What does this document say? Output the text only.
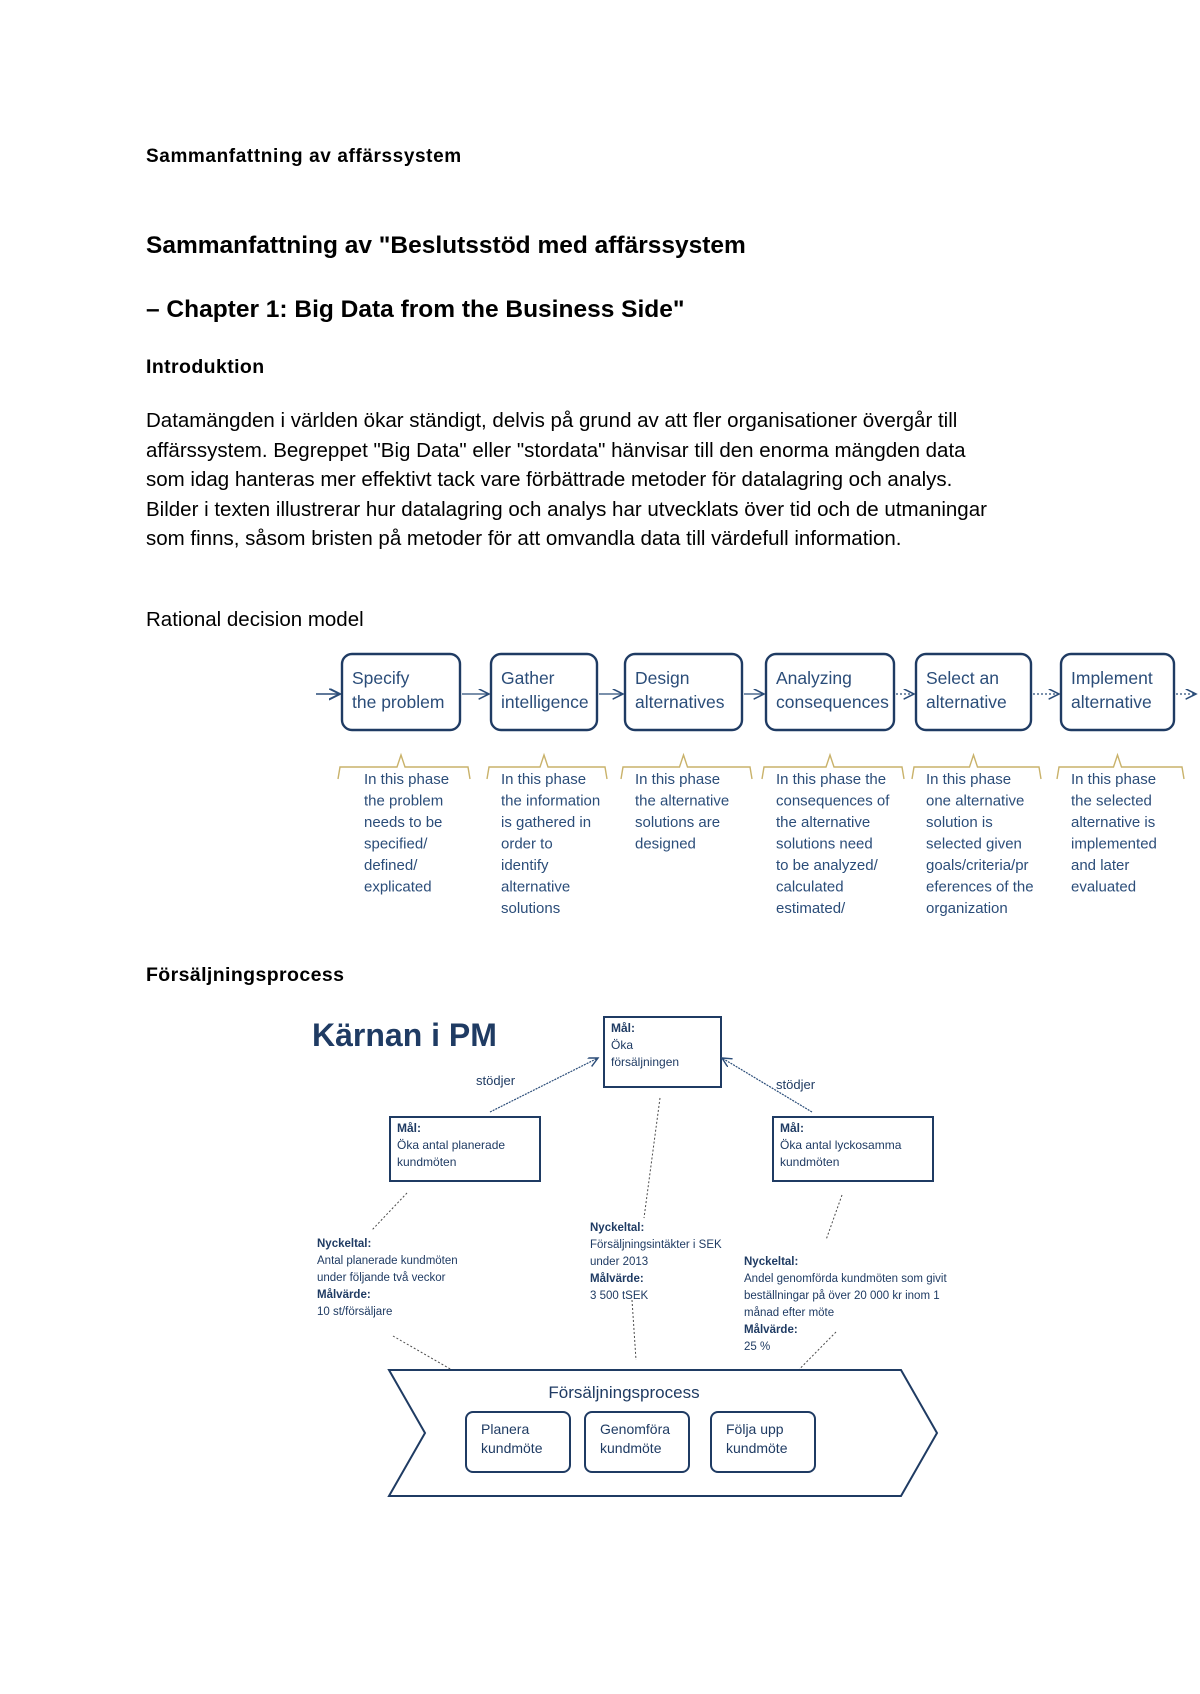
Sammanfattning av affärssystem
Sammanfattning av "Beslutsstöd med affärssystem
– Chapter 1: Big Data from the Business Side"
Introduktion
Datamängden i världen ökar ständigt, delvis på grund av att fler organisationer övergår till
affärssystem. Begreppet "Big Data" eller "stordata" hänvisar till den enorma mängden data
som idag hanteras mer effektivt tack vare förbättrade metoder för datalagring och analys.
Bilder i texten illustrerar hur datalagring och analys har utvecklats över tid och de utmaningar
som finns, såsom bristen på metoder för att omvandla data till värdefull information.
Rational decision model
Specify
the problem
In this phase
the problem
needs to be
specified/
defined/
explicated
Gather
intelligence
In this phase
the information
is gathered in
order to
identify
alternative
solutions
Design
alternatives
In this phase
the alternative
solutions are
designed
Analyzing
consequences
In this phase the
consequences of
the alternative
solutions need
to be analyzed/
calculated
estimated/
Select an
alternative
In this phase
one alternative
solution is
selected given
goals/criteria/pr
eferences of the
organization
Implement
alternative
In this phase
the selected
alternative is
implemented
and later
evaluated
Kärnan i PM	Mål:
Öka
försäljningen
Mål:
Öka antal planerade
kundmöten
Mål:
Öka antal lyckosamma
kundmöten
stödjer	stödjer
Nyckeltal:
Antal planerade kundmöten
under följande två veckor
Målvärde:
10 st/försäljare
Nyckeltal:
Försäljningsintäkter i SEK
under 2013
Målvärde:
3 500 tSEK
Nyckeltal:
Andel genomförda kundmöten som givit
beställningar på över 20 000 kr inom 1
månad efter möte
Målvärde:
25 %
Försäljningsprocess
Planera
kundmöte
Genomföra
kundmöte
Följa upp
kundmöte
Försäljningsprocess
